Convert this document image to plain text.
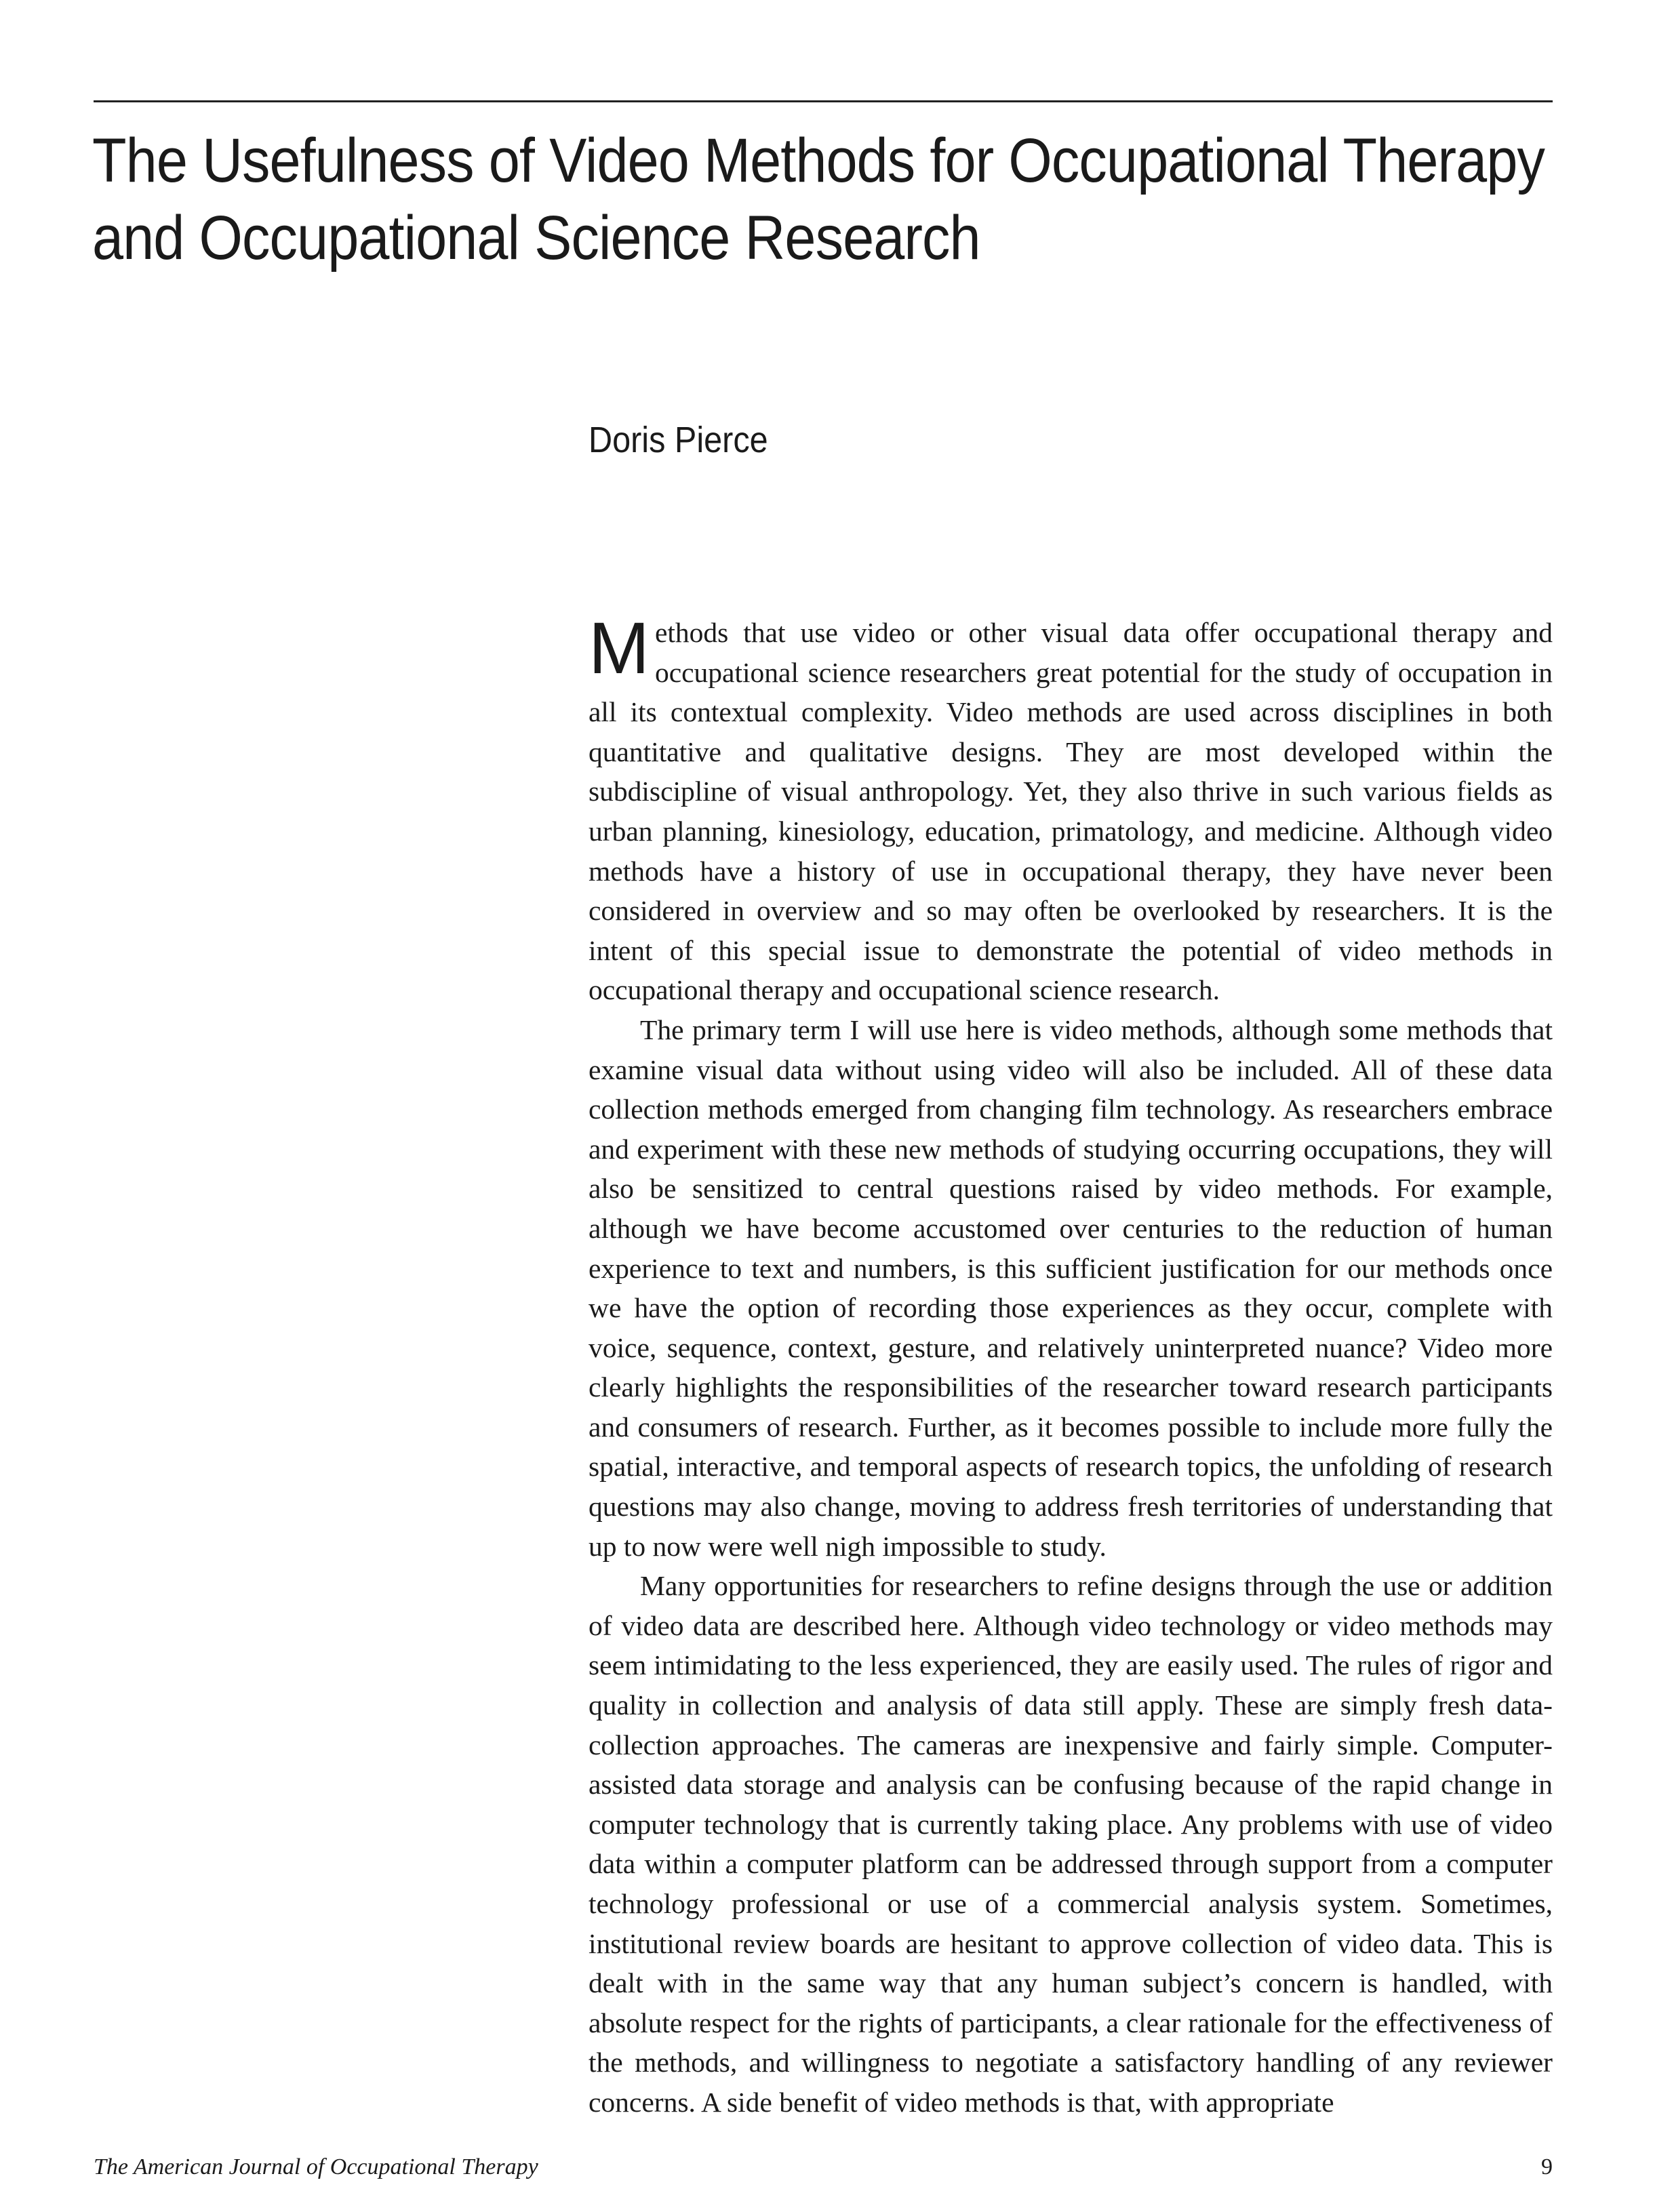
The Usefulness of Video Methods for Occupational Therapy
and Occupational Science Research
Doris Pierce

Methods that use video or other visual data offer occupational therapy and occupational science researchers great potential for the study of occupation in all its contextual complexity. Video methods are used across disciplines in both quantitative and qualitative designs. They are most developed within the subdiscipline of visual anthropology. Yet, they also thrive in such various fields as urban planning, kinesiology, education, primatology, and medicine. Although video methods have a history of use in occupational therapy, they have never been considered in overview and so may often be overlooked by researchers. It is the intent of this special issue to demonstrate the potential of video methods in occupational therapy and occupational science research.

The primary term I will use here is video methods, although some methods that examine visual data without using video will also be included. All of these data collection methods emerged from changing film technology. As researchers embrace and experiment with these new methods of studying occurring occupations, they will also be sensitized to central questions raised by video methods. For example, although we have become accustomed over centuries to the reduction of human experience to text and numbers, is this sufficient justification for our methods once we have the option of recording those experiences as they occur, complete with voice, sequence, context, gesture, and relatively uninterpreted nuance? Video more clearly highlights the responsibilities of the researcher toward research participants and consumers of research. Further, as it becomes possible to include more fully the spatial, interactive, and temporal aspects of research topics, the unfolding of research questions may also change, moving to address fresh territories of understanding that up to now were well nigh impossible to study.

Many opportunities for researchers to refine designs through the use or addition of video data are described here. Although video technology or video methods may seem intimidating to the less experienced, they are easily used. The rules of rigor and quality in collection and analysis of data still apply. These are simply fresh data-collection approaches. The cameras are inexpensive and fairly simple. Computer-assisted data storage and analysis can be confusing because of the rapid change in computer technology that is currently taking place. Any problems with use of video data within a computer platform can be addressed through support from a computer technology professional or use of a commercial analysis system. Sometimes, institutional review boards are hesitant to approve collection of video data. This is dealt with in the same way that any human subject’s concern is handled, with absolute respect for the rights of participants, a clear rationale for the effectiveness of the methods, and willingness to negotiate a satisfactory handling of any reviewer concerns. A side benefit of video methods is that, with appropriate

The American Journal of Occupational Therapy	9
